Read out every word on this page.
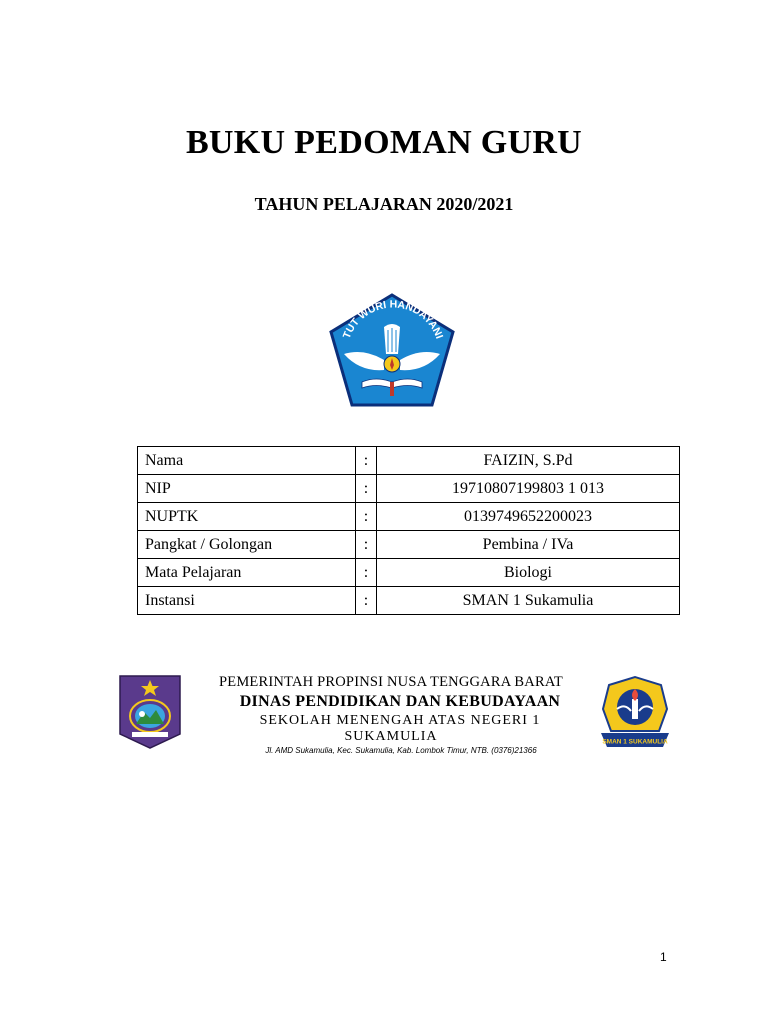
BUKU PEDOMAN GURU
TAHUN PELAJARAN 2020/2021
TUT WURI HANDAYANI
Nama	:	FAIZIN, S.Pd
NIP	:	19710807199803 1 013
NUPTK	:	0139749652200023
Pangkat / Golongan	:	Pembina / IVa
Mata Pelajaran	:	Biologi
Instansi	:	SMAN 1 Sukamulia
PEMERINTAH PROPINSI NUSA TENGGARA BARAT
DINAS PENDIDIKAN DAN KEBUDAYAAN
SEKOLAH MENENGAH ATAS NEGERI 1
SUKAMULIA
Jl. AMD Sukamulia, Kec. Sukamulia, Kab. Lombok Timur, NTB. (0376)21366
SMAN 1 SUKAMULIA
1
